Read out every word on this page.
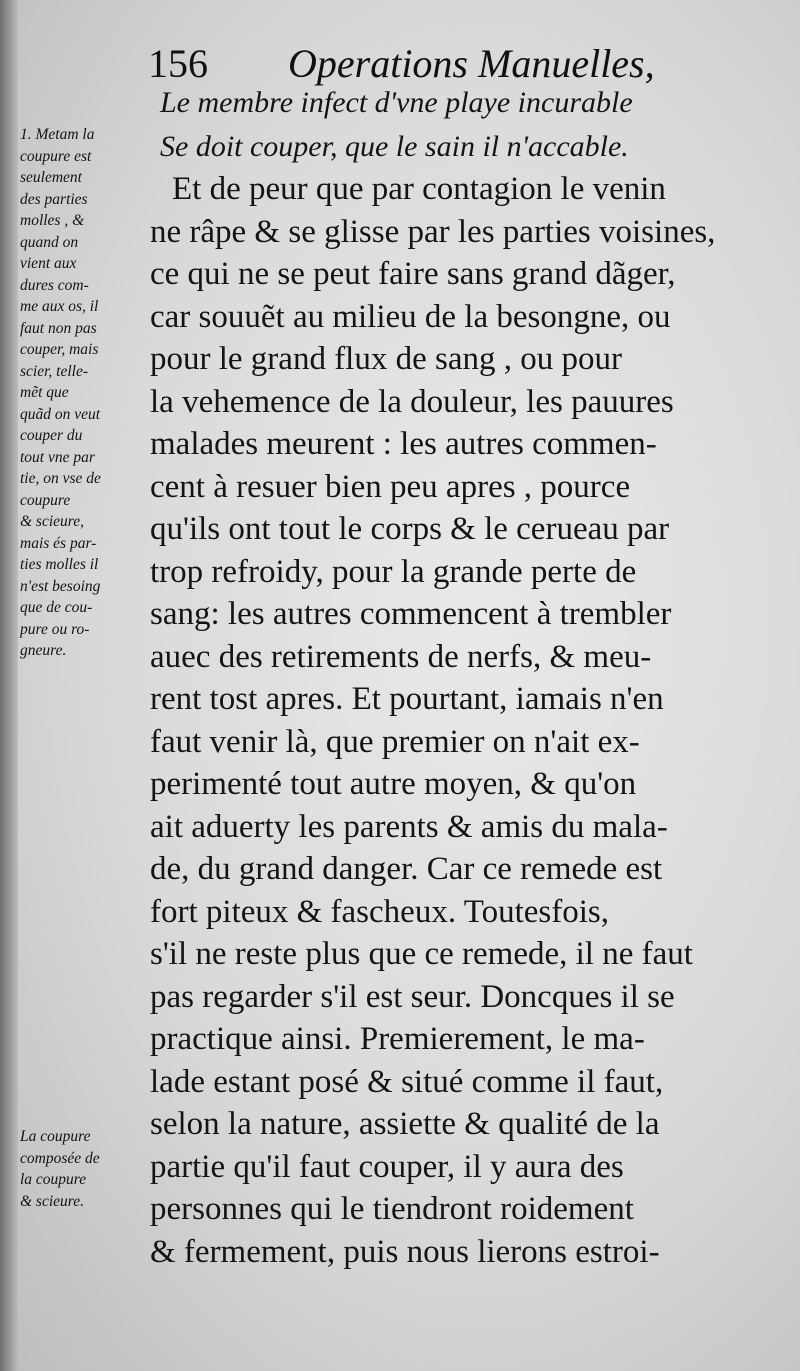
156 Operations Manuelles,
Le membre infect d'vne playe incurable
Se doit couper, que le sain il n'accable.
Et de peur que par contagion le venin
ne râpe & se glisse par les parties voisines,
ce qui ne se peut faire sans grand dãger,
car souuẽt au milieu de la besongne, ou
pour le grand flux de sang , ou pour
la vehemence de la douleur, les pauures
malades meurent : les autres commen-
cent à resuer bien peu apres , pource
qu'ils ont tout le corps & le cerueau par
trop refroidy, pour la grande perte de
sang: les autres commencent à trembler
auec des retirements de nerfs, & meu-
rent tost apres. Et pourtant, iamais n'en
faut venir là, que premier on n'ait ex-
perimenté tout autre moyen, & qu'on
ait aduerty les parents & amis du mala-
de, du grand danger. Car ce remede est
fort piteux & fascheux. Toutesfois,
s'il ne reste plus que ce remede, il ne faut
pas regarder s'il est seur. Doncques il se
practique ainsi. Premierement, le ma-
lade estant posé & situé comme il faut,
selon la nature, assiette & qualité de la
partie qu'il faut couper, il y aura des
personnes qui le tiendront roidement
& fermement, puis nous lierons estroi-
1. Metam la
coupure est
seulement
des parties
molles , &
quand on
vient aux
dures com-
me aux os, il
faut non pas
couper, mais
scier, telle-
mẽt que
quãd on veut
couper du
tout vne par
tie, on vse de
coupure
& scieure,
mais és par-
ties molles il
n'est besoing
que de cou-
pure ou ro-
gneure.
La coupure
composée de
la coupure
& scieure.
